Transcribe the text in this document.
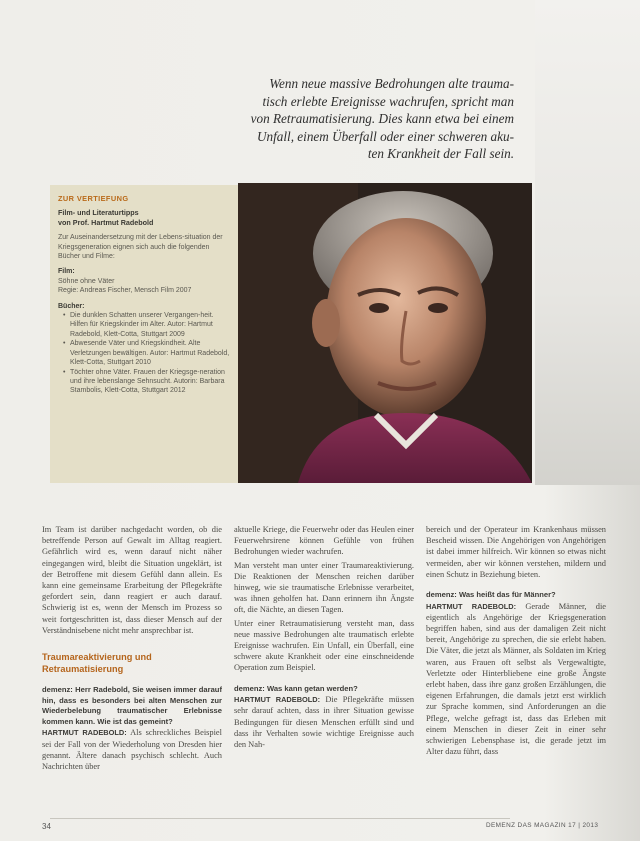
Wenn neue massive Bedrohungen alte trauma-

tisch erlebte Ereignisse wachrufen, spricht man

von Retraumatisierung. Dies kann etwa bei einem

Unfall, einem Überfall oder einer schweren aku-

ten Krankheit der Fall sein.

ZUR VERTIEFUNG
Film- und Literaturtipps
von Prof. Hartmut Radebold
Zur Auseinandersetzung mit der Lebens-situation der Kriegsgeneration eignen sich auch die folgenden Bücher und Filme:
Film:
Söhne ohne Väter
Regie: Andreas Fischer, Mensch Film 2007
Bücher:
• Die dunklen Schatten unserer Vergangen-heit. Hilfen für Kriegskinder im Alter. Autor: Hartmut Radebold, Klett-Cotta, Stuttgart 2009
• Abwesende Väter und Kriegskindheit. Alte Verletzungen bewältigen. Autor: Hartmut Radebold, Klett-Cotta, Stuttgart 2010
• Töchter ohne Väter. Frauen der Kriegsge-neration und ihre lebenslange Sehnsucht. Autorin: Barbara Stambolis, Klett-Cotta, Stuttgart 2012

Im Team ist darüber nachgedacht worden, ob die betreffende Person auf Gewalt im Alltag reagiert. Gefährlich wird es, wenn darauf nicht näher eingegangen wird, bleibt die Situation ungeklärt, ist der Betroffene mit diesem Gefühl dann allein. Es kann eine gemeinsame Erarbeitung der Pflegekräfte gefordert sein, dann reagiert er auch darauf. Schwierig ist es, wenn der Mensch im Prozess so weit fortgeschritten ist, dass dieser Mensch auf der Verständnisebene nicht mehr ansprechbar ist.

Traumareaktivierung und Retraumatisierung

demenz: Herr Radebold, Sie weisen immer darauf hin, dass es besonders bei alten Menschen zur Wiederbelebung traumatischer Erlebnisse kommen kann. Wie ist das gemeint?

HARTMUT RADEBOLD: Als schreckliches Beispiel sei der Fall von der Wiederholung von Dresden hier genannt. Ältere danach psychisch schlecht. Auch Nachrichten über

aktuelle Kriege, die Feuerwehr oder das Heulen einer Feuerwehrsirene können Gefühle von frühen Bedrohungen wieder wachrufen.

Man versteht man unter einer Traumareaktivierung. Die Reaktionen der Menschen reichen darüber hinweg, wie sie traumatische Erlebnisse verarbeitet, was ihnen geholfen hat. Dann erinnern ihn Ängste oft, die Nächte, an diesen Tagen.

Unter einer Retraumatisierung versteht man, dass neue massive Bedrohungen alte traumatisch erlebte Ereignisse wachrufen. Ein Unfall, ein Überfall, eine schwere akute Krankheit oder eine einschneidende Operation zum Beispiel.

demenz: Was kann getan werden?

HARTMUT RADEBOLD: Die Pflegekräfte müssen sehr darauf achten, dass in ihrer Situation gewisse Bedingungen für diesen Menschen erfüllt sind und dass ihr Verhalten sowie wichtige Ereignisse auch den Nah-

bereich und der Operateur im Krankenhaus müssen Bescheid wissen. Die Angehörigen von Angehörigen ist dabei immer hilfreich. Wir können so etwas nicht vermeiden, aber wir können verstehen, mildern und einen Schutz in Beziehung bieten.

demenz: Was heißt das für Männer?

HARTMUT RADEBOLD: Gerade Männer, die eigentlich als Angehörige der Kriegsgeneration begriffen haben, sind aus der damaligen Zeit nicht bereit, Angehörige zu sprechen, die sie erlebt haben. Die Väter, die jetzt als Männer, als Soldaten im Krieg waren, aus Frauen oft selbst als Vergewaltigte, Verletzte oder Hinterbliebene eine große Ängste erlebt haben, dass ihre ganz großen Erzählungen, die eigenen Erfahrungen, die damals jetzt erst wirklich zur Sprache kommen, sind Anforderungen an die Pflege, welche gefragt ist, dass das Erleben mit einem Menschen in dieser Zeit in einer sehr schwierigen Lebensphase ist, die gerade jetzt im Alter dazu führt, dass

34	DEMENZ DAS MAGAZIN 17 | 2013
